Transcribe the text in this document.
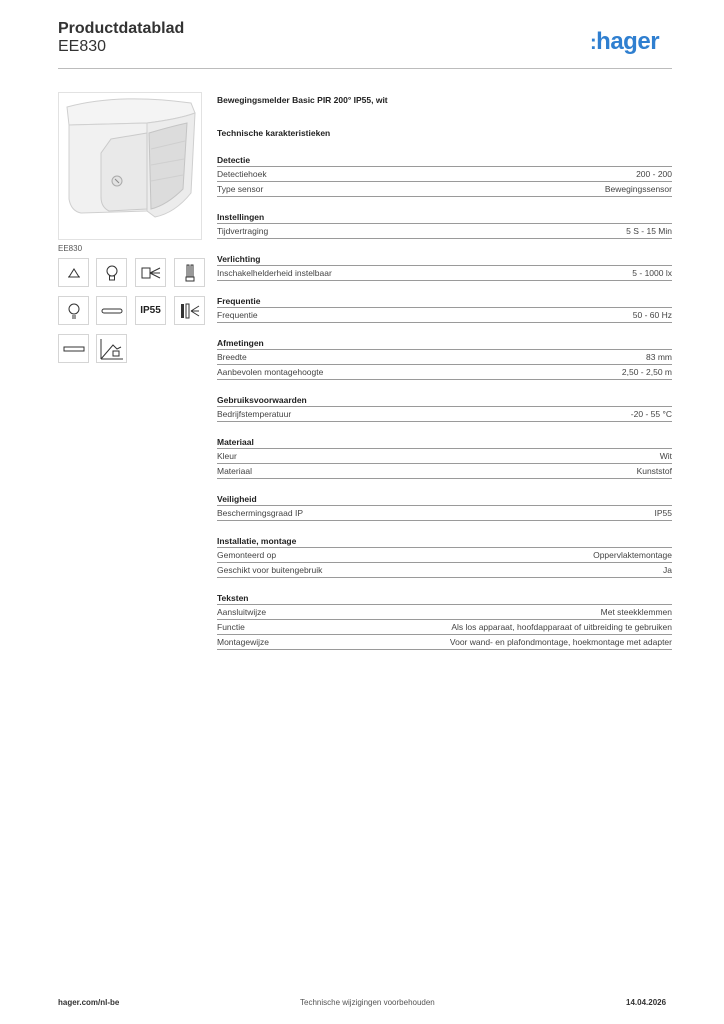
Productdatablad
EE830	:hager
EE830
IP55
Bewegingsmelder Basic PIR 200° IP55, wit
Technische karakteristieken
Detectie
Detectiehoek	200 - 200
Type sensor	Bewegingssensor
Instellingen
Tijdvertraging	5 S - 15 Min
Verlichting
Inschakelhelderheid instelbaar	5 - 1000 lx
Frequentie
Frequentie	50 - 60 Hz
Afmetingen
Breedte	83 mm
Aanbevolen montagehoogte	2,50 - 2,50 m
Gebruiksvoorwaarden
Bedrijfstemperatuur	-20 - 55 °C
Materiaal
Kleur	Wit
Materiaal	Kunststof
Veiligheid
Beschermingsgraad IP	IP55
Installatie, montage
Gemonteerd op	Oppervlaktemontage
Geschikt voor buitengebruik	Ja
Teksten
Aansluitwijze	Met steekklemmen
Functie	Als los apparaat, hoofdapparaat of uitbreiding te gebruiken
Montagewijze	Voor wand- en plafondmontage, hoekmontage met adapter
hager.com/nl-be	Technische wijzigingen voorbehouden	14.04.2026
